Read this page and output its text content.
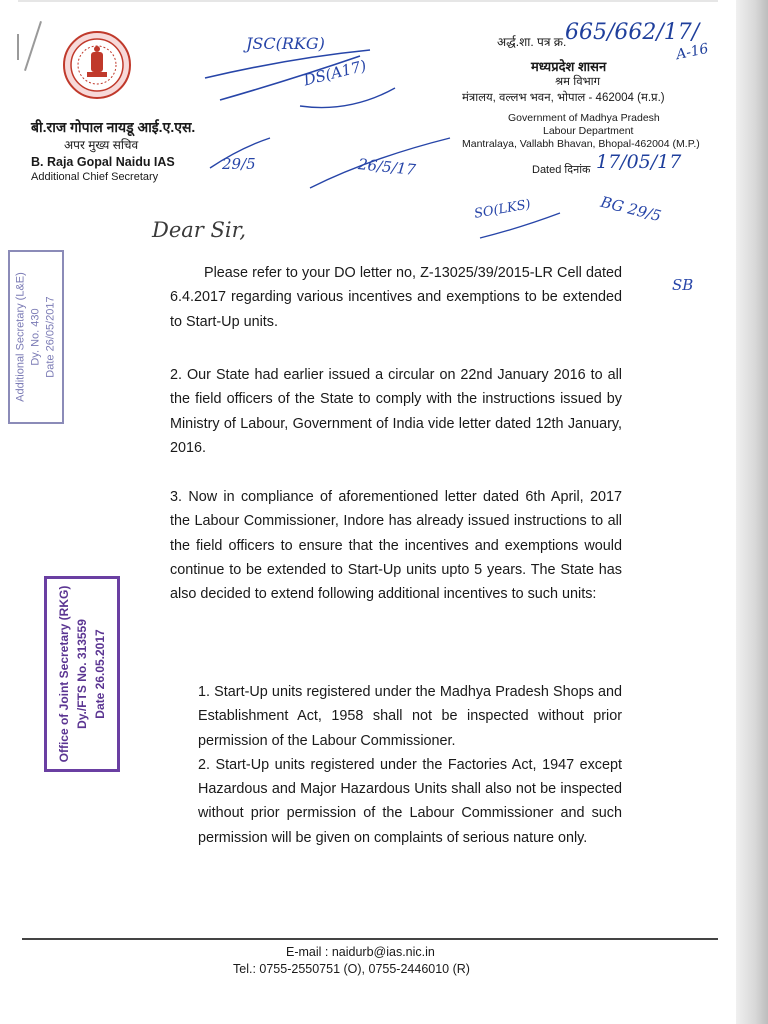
बी.राज गोपाल नायडू आई.ए.एस.
अपर मुख्य सचिव
B. Raja Gopal Naidu IAS
Additional Chief Secretary
अर्द्ध.शा. पत्र क्र.
665/662/17/
A-16
मध्यप्रदेश शासन
श्रम विभाग
मंत्रालय, वल्लभ भवन, भोपाल - 462004 (म.प्र.)
Government of Madhya Pradesh
Labour Department
Mantralaya, Vallabh Bhavan, Bhopal-462004 (M.P.)
Dated दिनांक 17/05/17
JSC(RKG)
DS(A17)
29/5	26/5/17
SO(LKS)	BG 29/5
SB
Dear Sir,
Please refer to your DO letter no, Z-13025/39/2015-LR Cell dated 6.4.2017 regarding various incentives and exemptions to be extended to Start-Up units.
2. Our State had earlier issued a circular on 22nd January 2016 to all the field officers of the State to comply with the instructions issued by Ministry of Labour, Government of India vide letter dated 12th January, 2016.
3. Now in compliance of aforementioned letter dated 6th April, 2017 the Labour Commissioner, Indore has already issued instructions to all the field officers to ensure that the incentives and exemptions would continue to be extended to Start-Up units upto 5 years. The State has also decided to extend following additional incentives to such units:
1. Start-Up units registered under the Madhya Pradesh Shops and Establishment Act, 1958 shall not be inspected without prior permission of the Labour Commissioner.
2. Start-Up units registered under the Factories Act, 1947 except Hazardous and Major Hazardous Units shall also not be inspected without prior permission of the Labour Commissioner and such permission will be given on complaints of serious nature only.
Additional Secretary (L&E) Dy. No. 430 Date 26/05/2017
Office of Joint Secretary (RKG) Dy./FTS No. 313559 Date 26.05.2017
E-mail : naidurb@ias.nic.in
Tel.: 0755-2550751 (O), 0755-2446010 (R)
